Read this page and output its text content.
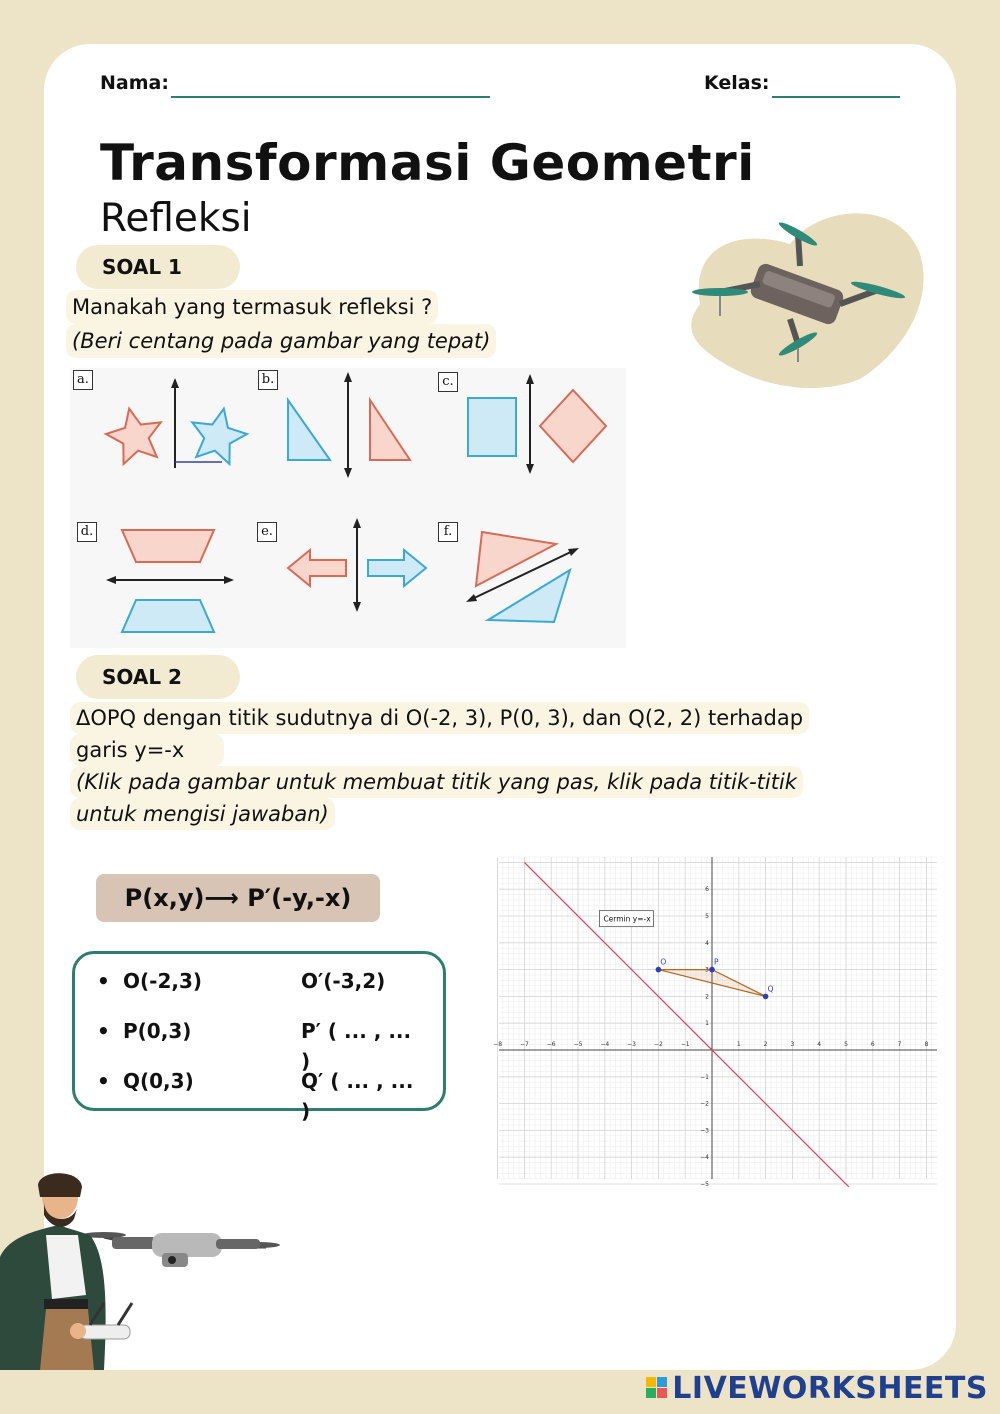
Nama:	Kelas:
Transformasi Geometri
Refleksi
SOAL 1
Manakah yang termasuk refleksi ?
(Beri centang pada gambar yang tepat)
a.	b.	c.
d.	e.	f.
SOAL 2
ΔOPQ dengan titik sudutnya di O(-2, 3), P(0, 3), dan Q(2, 2) terhadap
garis y=-x
(Klik pada gambar untuk membuat titik yang pas, klik pada titik-titik
untuk mengisi jawaban)
P(x,y)⟶ P′(-y,-x)
• O(-2,3)	O′(-3,2)
• P(0,3)	P′ ( ... , ... )
• Q(0,3)	Q′ ( ... , ... )
−8	−7	−6	−5	−4	−3	−2	−1	1	2	3	4	5	6	7	8
6
5
4
2
1
−1
−2
−3
−4
−5
Cermin y=-x
O	P
Q
LIVEWORKSHEETS
